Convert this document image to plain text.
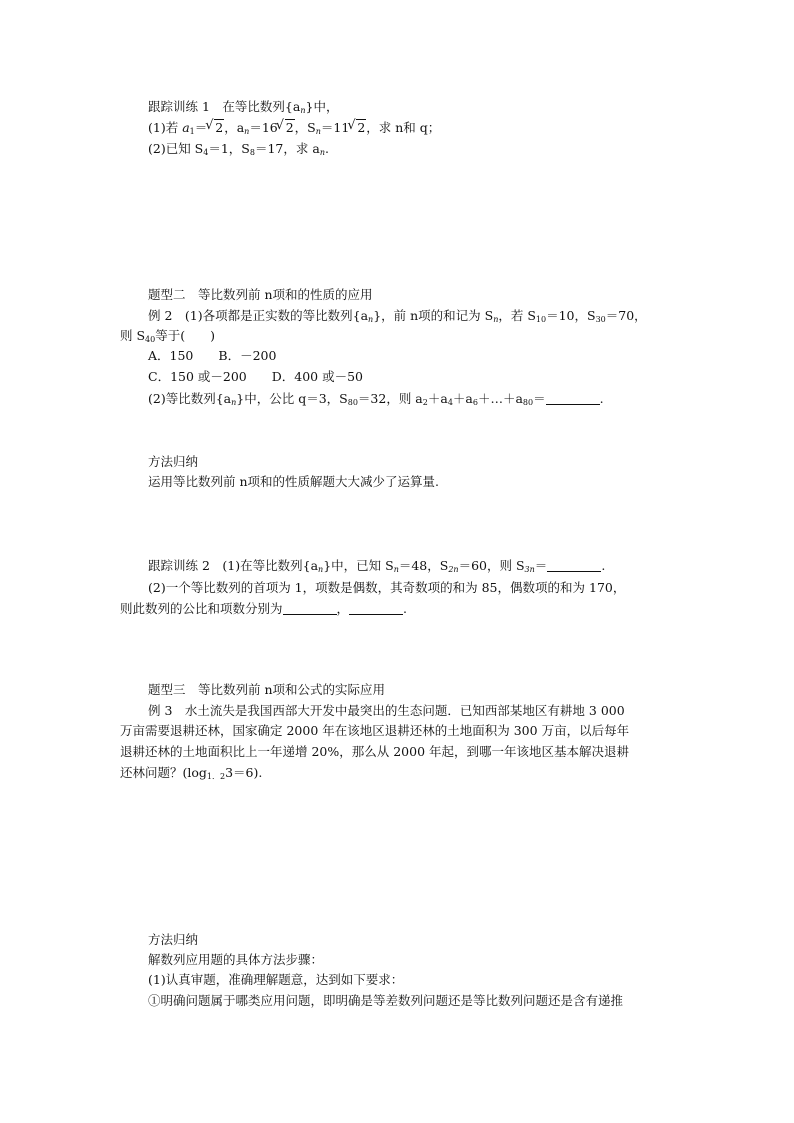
跟踪训练 1　在等比数列$\{a_n\}$中，
(1)若 $a_1=√$ 2，$a_n=16√$ 2，$S_n=11√$ 2，求 n和 q；
(2)已知 $S_4=1$，$S_8=17$，求 $a_n$.
题型二　等比数列前 n项和的性质的应用
例 2　(1)各项都是正实数的等比数列$\{a_n\}$，前 n项的和记为 $S_n$，若 $S_{10}=10$，$S_{30}=70$，
则 $S_{40}$等于(　　)
A．150　　B．－200
C．150 或－200　　D．400 或－50
(2)等比数列$\{a_n\}$中，公比 q＝3，$S_{80}=32$，则 $a_2+a_4+a_6+\dots+a_{80}=$	.
方法归纳
运用等比数列前 n项和的性质解题大大减少了运算量.
跟踪训练 2　(1)在等比数列$\{a_n\}$中，已知 $S_n=48$，$S_{2n}=60$，则 $S_{3n}=$	.
(2)一个等比数列的首项为 1，项数是偶数，其奇数项的和为 85，偶数项的和为 170，
则此数列的公比和项数分别为	，	.
题型三　等比数列前 n项和公式的实际应用
例 3　水土流失是我国西部大开发中最突出的生态问题．已知西部某地区有耕地 3 000
万亩需要退耕还林，国家确定 2000 年在该地区退耕还林的土地面积为 300 万亩，以后每年
退耕还林的土地面积比上一年递增 20%，那么从 2000 年起，到哪一年该地区基本解决退耕
还林问题？$(\log_{1.2}3=6)$.
方法归纳
解数列应用题的具体方法步骤：
(1)认真审题，准确理解题意，达到如下要求：
①明确问题属于哪类应用问题，即明确是等差数列问题还是等比数列问题还是含有递推
